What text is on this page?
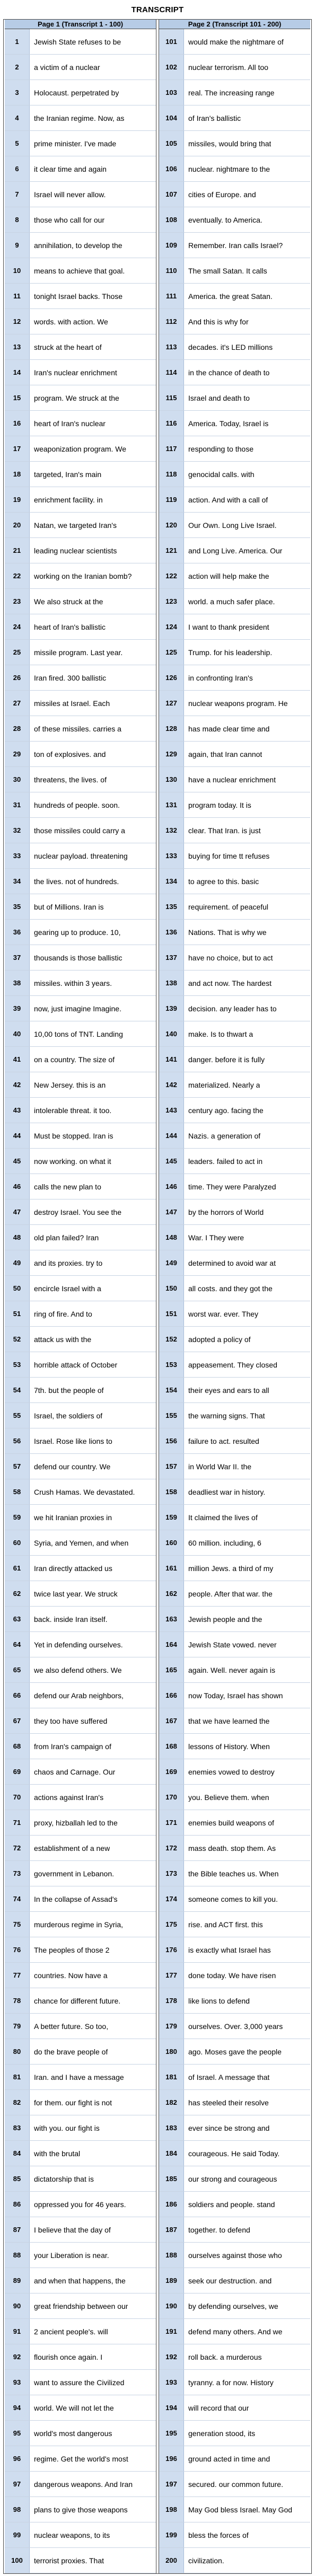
TRANSCRIPT
Page 1 (Transcript 1 - 100)
1	Jewish State refuses to be
2	a victim of a nuclear
3	Holocaust. perpetrated by
4	the Iranian regime. Now, as
5	prime minister. I've made
6	it clear time and again
7	Israel will never allow.
8	those who call for our
9	annihilation, to develop the
10	means to achieve that goal.
11	tonight Israel backs. Those
12	words. with action. We
13	struck at the heart of
14	Iran's nuclear enrichment
15	program. We struck at the
16	heart of Iran's nuclear
17	weaponization program. We
18	targeted, Iran's main
19	enrichment facility. in
20	Natan, we targeted Iran's
21	leading nuclear scientists
22	working on the Iranian bomb?
23	We also struck at the
24	heart of Iran's ballistic
25	missile program. Last year.
26	Iran fired. 300 ballistic
27	missiles at Israel. Each
28	of these missiles. carries a
29	ton of explosives. and
30	threatens, the lives. of
31	hundreds of people. soon.
32	those missiles could carry a
33	nuclear payload. threatening
34	the lives. not of hundreds.
35	but of Millions. Iran is
36	gearing up to produce. 10,
37	thousands is those ballistic
38	missiles. within 3 years.
39	now, just imagine Imagine.
40	10,00 tons of TNT. Landing
41	on a country. The size of
42	New Jersey. this is an
43	intolerable threat. it too.
44	Must be stopped. Iran is
45	now working. on what it
46	calls the new plan to
47	destroy Israel. You see the
48	old plan failed? Iran
49	and its proxies. try to
50	encircle Israel with a
51	ring of fire. And to
52	attack us with the
53	horrible attack of October
54	7th. but the people of
55	Israel, the soldiers of
56	Israel. Rose like lions to
57	defend our country. We
58	Crush Hamas. We devastated.
59	we hit Iranian proxies in
60	Syria, and Yemen, and when
61	Iran directly attacked us
62	twice last year. We struck
63	back. inside Iran itself.
64	Yet in defending ourselves.
65	we also defend others. We
66	defend our Arab neighbors,
67	they too have suffered
68	from Iran's campaign of
69	chaos and Carnage. Our
70	actions against Iran's
71	proxy, hizballah led to the
72	establishment of a new
73	government in Lebanon.
74	In the collapse of Assad's
75	murderous regime in Syria,
76	The peoples of those 2
77	countries. Now have a
78	chance for different future.
79	A better future. So too,
80	do the brave people of
81	Iran. and I have a message
82	for them. our fight is not
83	with you. our fight is
84	with the brutal
85	dictatorship that is
86	oppressed you for 46 years.
87	I believe that the day of
88	your Liberation is near.
89	and when that happens, the
90	great friendship between our
91	2 ancient people's. will
92	flourish once again. I
93	want to assure the Civilized
94	world. We will not let the
95	world's most dangerous
96	regime. Get the world's most
97	dangerous weapons. And Iran
98	plans to give those weapons
99	nuclear weapons, to its
100	terrorist proxies. That
Page 2 (Transcript 101 - 200)
101	would make the nightmare of
102	nuclear terrorism. All too
103	real. The increasing range
104	of Iran's ballistic
105	missiles, would bring that
106	nuclear. nightmare to the
107	cities of Europe. and
108	eventually. to America.
109	Remember. Iran calls Israel?
110	The small Satan. It calls
111	America. the great Satan.
112	And this is why for
113	decades. it's LED millions
114	in the chance of death to
115	Israel and death to
116	America. Today, Israel is
117	responding to those
118	genocidal calls. with
119	action. And with a call of
120	Our Own. Long Live Israel.
121	and Long Live. America. Our
122	action will help make the
123	world. a much safer place.
124	I want to thank president
125	Trump. for his leadership.
126	in confronting Iran's
127	nuclear weapons program. He
128	has made clear time and
129	again, that Iran cannot
130	have a nuclear enrichment
131	program today. It is
132	clear. That Iran. is just
133	buying for time tt refuses
134	to agree to this. basic
135	requirement. of peaceful
136	Nations. That is why we
137	have no choice, but to act
138	and act now. The hardest
139	decision. any leader has to
140	make. Is to thwart a
141	danger. before it is fully
142	materialized. Nearly a
143	century ago. facing the
144	Nazis. a generation of
145	leaders. failed to act in
146	time. They were Paralyzed
147	by the horrors of World
148	War. I They were
149	determined to avoid war at
150	all costs. and they got the
151	worst war. ever. They
152	adopted a policy of
153	appeasement. They closed
154	their eyes and ears to all
155	the warning signs. That
156	failure to act. resulted
157	in World War II. the
158	deadliest war in history.
159	It claimed the lives of
160	60 million. including, 6
161	million Jews. a third of my
162	people. After that war. the
163	Jewish people and the
164	Jewish State vowed. never
165	again. Well. never again is
166	now Today, Israel has shown
167	that we have learned the
168	lessons of History. When
169	enemies vowed to destroy
170	you. Believe them. when
171	enemies build weapons of
172	mass death. stop them. As
173	the Bible teaches us. When
174	someone comes to kill you.
175	rise. and ACT first. this
176	is exactly what Israel has
177	done today. We have risen
178	like lions to defend
179	ourselves. Over. 3,000 years
180	ago. Moses gave the people
181	of Israel. A message that
182	has steeled their resolve
183	ever since be strong and
184	courageous. He said Today.
185	our strong and courageous
186	soldiers and people. stand
187	together. to defend
188	ourselves against those who
189	seek our destruction. and
190	by defending ourselves, we
191	defend many others. And we
192	roll back. a murderous
193	tyranny. a for now. History
194	will record that our
195	generation stood, its
196	ground acted in time and
197	secured. our common future.
198	May God bless Israel. May God
199	bless the forces of
200	civilization.
